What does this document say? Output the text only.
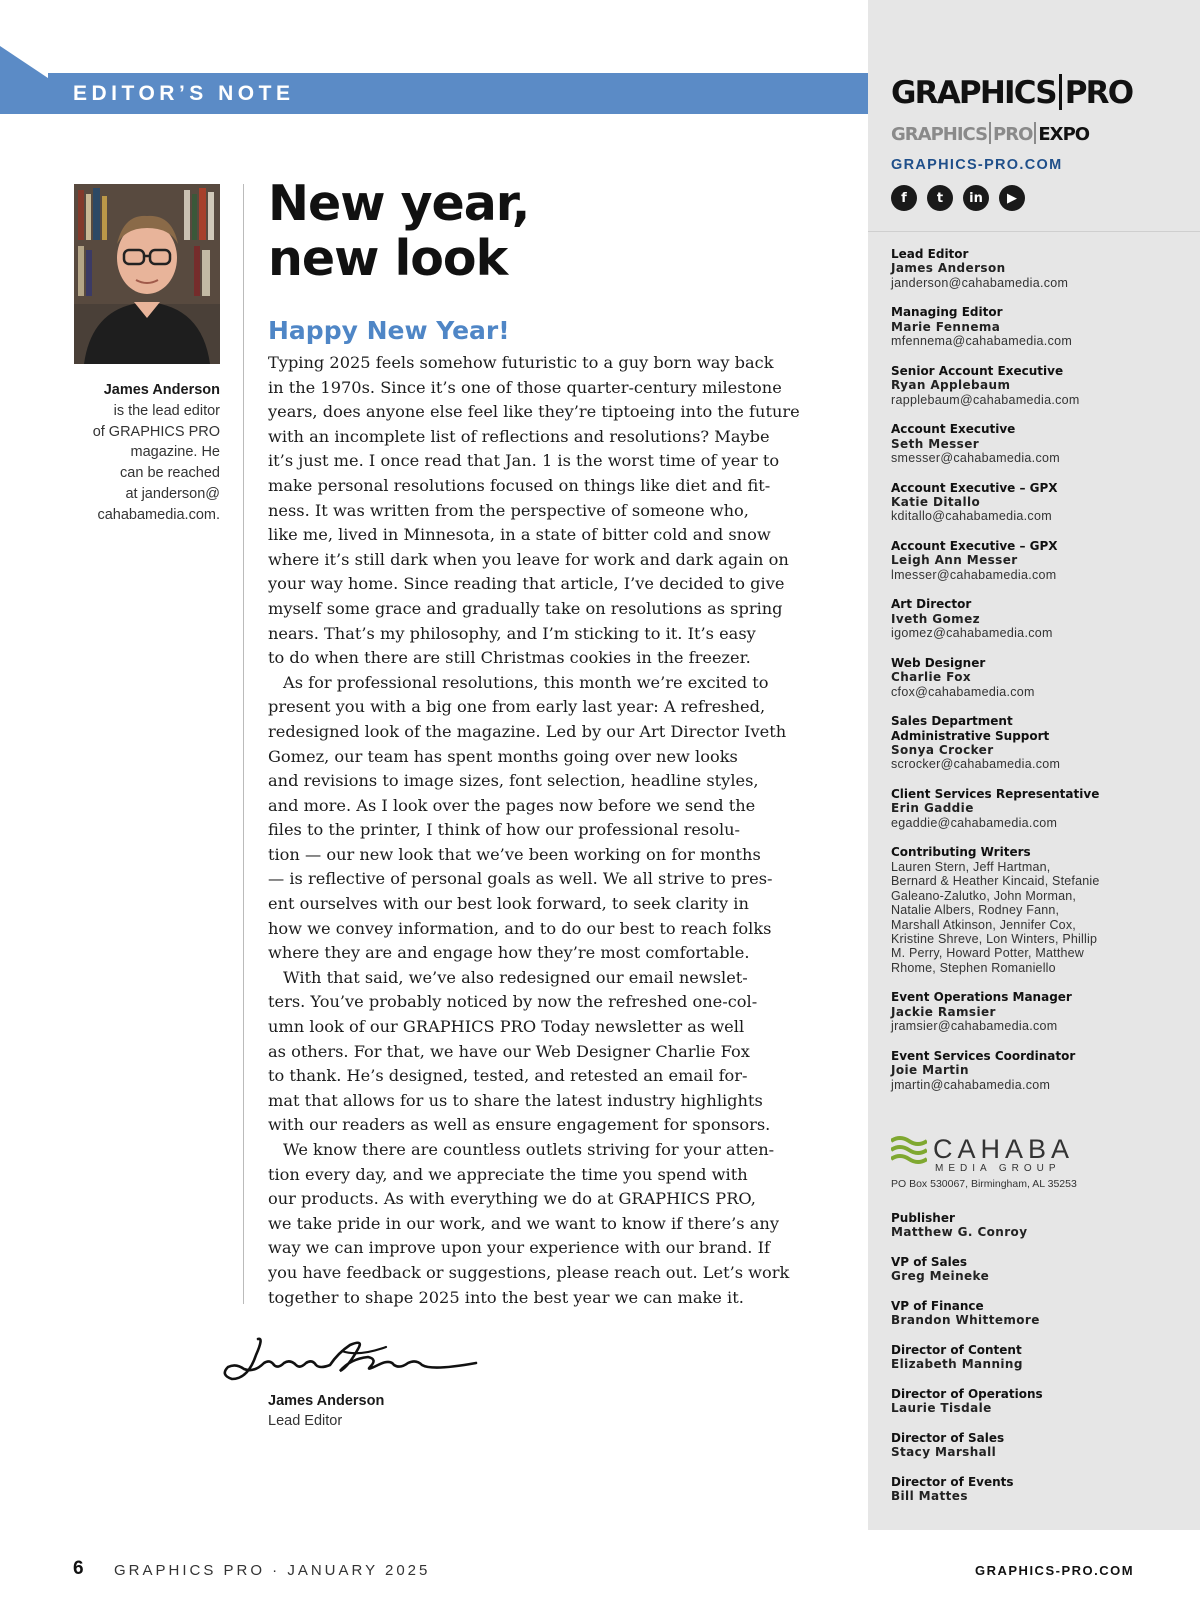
EDITOR’S NOTE
James Anderson
is the lead editor
of GRAPHICS PRO
magazine. He
can be reached
at janderson@
cahabamedia.com.
New year,
new look
Happy New Year!

Typing 2025 feels somehow futuristic to a guy born way back
in the 1970s. Since it’s one of those quarter-century milestone
years, does anyone else feel like they’re tiptoeing into the future
with an incomplete list of reflections and resolutions? Maybe
it’s just me. I once read that Jan. 1 is the worst time of year to
make personal resolutions focused on things like diet and fit-
ness. It was written from the perspective of someone who,
like me, lived in Minnesota, in a state of bitter cold and snow
where it’s still dark when you leave for work and dark again on
your way home. Since reading that article, I’ve decided to give
myself some grace and gradually take on resolutions as spring
nears. That’s my philosophy, and I’m sticking to it. It’s easy
to do when there are still Christmas cookies in the freezer.

As for professional resolutions, this month we’re excited to
present you with a big one from early last year: A refreshed,
redesigned look of the magazine. Led by our Art Director Iveth
Gomez, our team has spent months going over new looks
and revisions to image sizes, font selection, headline styles,
and more. As I look over the pages now before we send the
files to the printer, I think of how our professional resolu-
tion — our new look that we’ve been working on for months
— is reflective of personal goals as well. We all strive to pres-
ent ourselves with our best look forward, to seek clarity in
how we convey information, and to do our best to reach folks
where they are and engage how they’re most comfortable.

With that said, we’ve also redesigned our email newslet-
ters. You’ve probably noticed by now the refreshed one-col-
umn look of our GRAPHICS PRO Today newsletter as well
as others. For that, we have our Web Designer Charlie Fox
to thank. He’s designed, tested, and retested an email for-
mat that allows for us to share the latest industry highlights
with our readers as well as ensure engagement for sponsors.

We know there are countless outlets striving for your atten-
tion every day, and we appreciate the time you spend with
our products. As with everything we do at GRAPHICS PRO,
we take pride in our work, and we want to know if there’s any
way we can improve upon your experience with our brand. If
you have feedback or suggestions, please reach out. Let’s work
together to shape 2025 into the best year we can make it.

James Anderson
Lead Editor
GRAPHICS PRO
GRAPHICS PRO EXPO
GRAPHICS-PRO.COM
f	t	in	▶
Lead Editor
James Anderson
janderson@cahabamedia.com
Managing Editor
Marie Fennema
mfennema@cahabamedia.com
Senior Account Executive
Ryan Applebaum
rapplebaum@cahabamedia.com
Account Executive
Seth Messer
smesser@cahabamedia.com
Account Executive – GPX
Katie Ditallo
kditallo@cahabamedia.com
Account Executive – GPX
Leigh Ann Messer
lmesser@cahabamedia.com
Art Director
Iveth Gomez
igomez@cahabamedia.com
Web Designer
Charlie Fox
cfox@cahabamedia.com
Sales Department
Administrative Support
Sonya Crocker
scrocker@cahabamedia.com
Client Services Representative
Erin Gaddie
egaddie@cahabamedia.com
Contributing Writers
Lauren Stern, Jeff Hartman,
Bernard & Heather Kincaid, Stefanie
Galeano-Zalutko, John Morman,
Natalie Albers, Rodney Fann,
Marshall Atkinson, Jennifer Cox,
Kristine Shreve, Lon Winters, Phillip
M. Perry, Howard Potter, Matthew
Rhome, Stephen Romaniello
Event Operations Manager
Jackie Ramsier
jramsier@cahabamedia.com
Event Services Coordinator
Joie Martin
jmartin@cahabamedia.com
CAHABA
MEDIA GROUP
PO Box 530067, Birmingham, AL 35253
Publisher
Matthew G. Conroy
VP of Sales
Greg Meineke
VP of Finance
Brandon Whittemore
Director of Content
Elizabeth Manning
Director of Operations
Laurie Tisdale
Director of Sales
Stacy Marshall
Director of Events
Bill Mattes
6 GRAPHICS PRO · JANUARY 2025	GRAPHICS-PRO.COM
